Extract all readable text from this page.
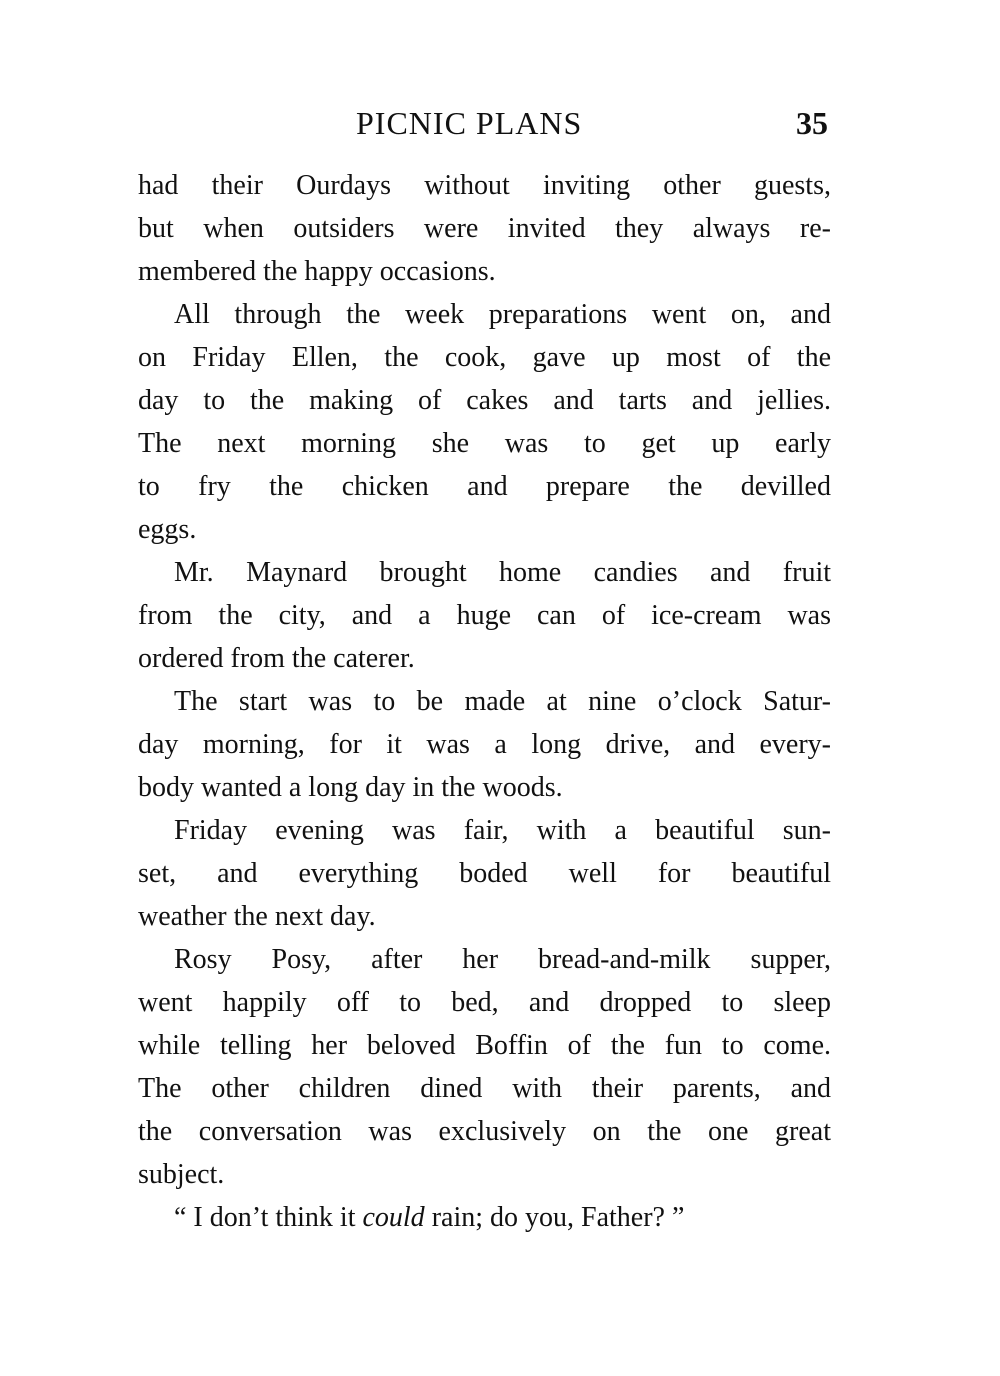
PICNIC PLANS	35
had their Ourdays without inviting other guests,
but when outsiders were invited they always re-
membered the happy occasions.
All through the week preparations went on, and
on Friday Ellen, the cook, gave up most of the
day to the making of cakes and tarts and jellies.
The next morning she was to get up early
to fry the chicken and prepare the devilled
eggs.
Mr. Maynard brought home candies and fruit
from the city, and a huge can of ice-cream was
ordered from the caterer.
The start was to be made at nine o’clock Satur-
day morning, for it was a long drive, and every-
body wanted a long day in the woods.
Friday evening was fair, with a beautiful sun-
set, and everything boded well for beautiful
weather the next day.
Rosy Posy, after her bread-and-milk supper,
went happily off to bed, and dropped to sleep
while telling her beloved Boffin of the fun to come.
The other children dined with their parents, and
the conversation was exclusively on the one great
subject.
“ I don’t think it could rain; do you, Father? ”
